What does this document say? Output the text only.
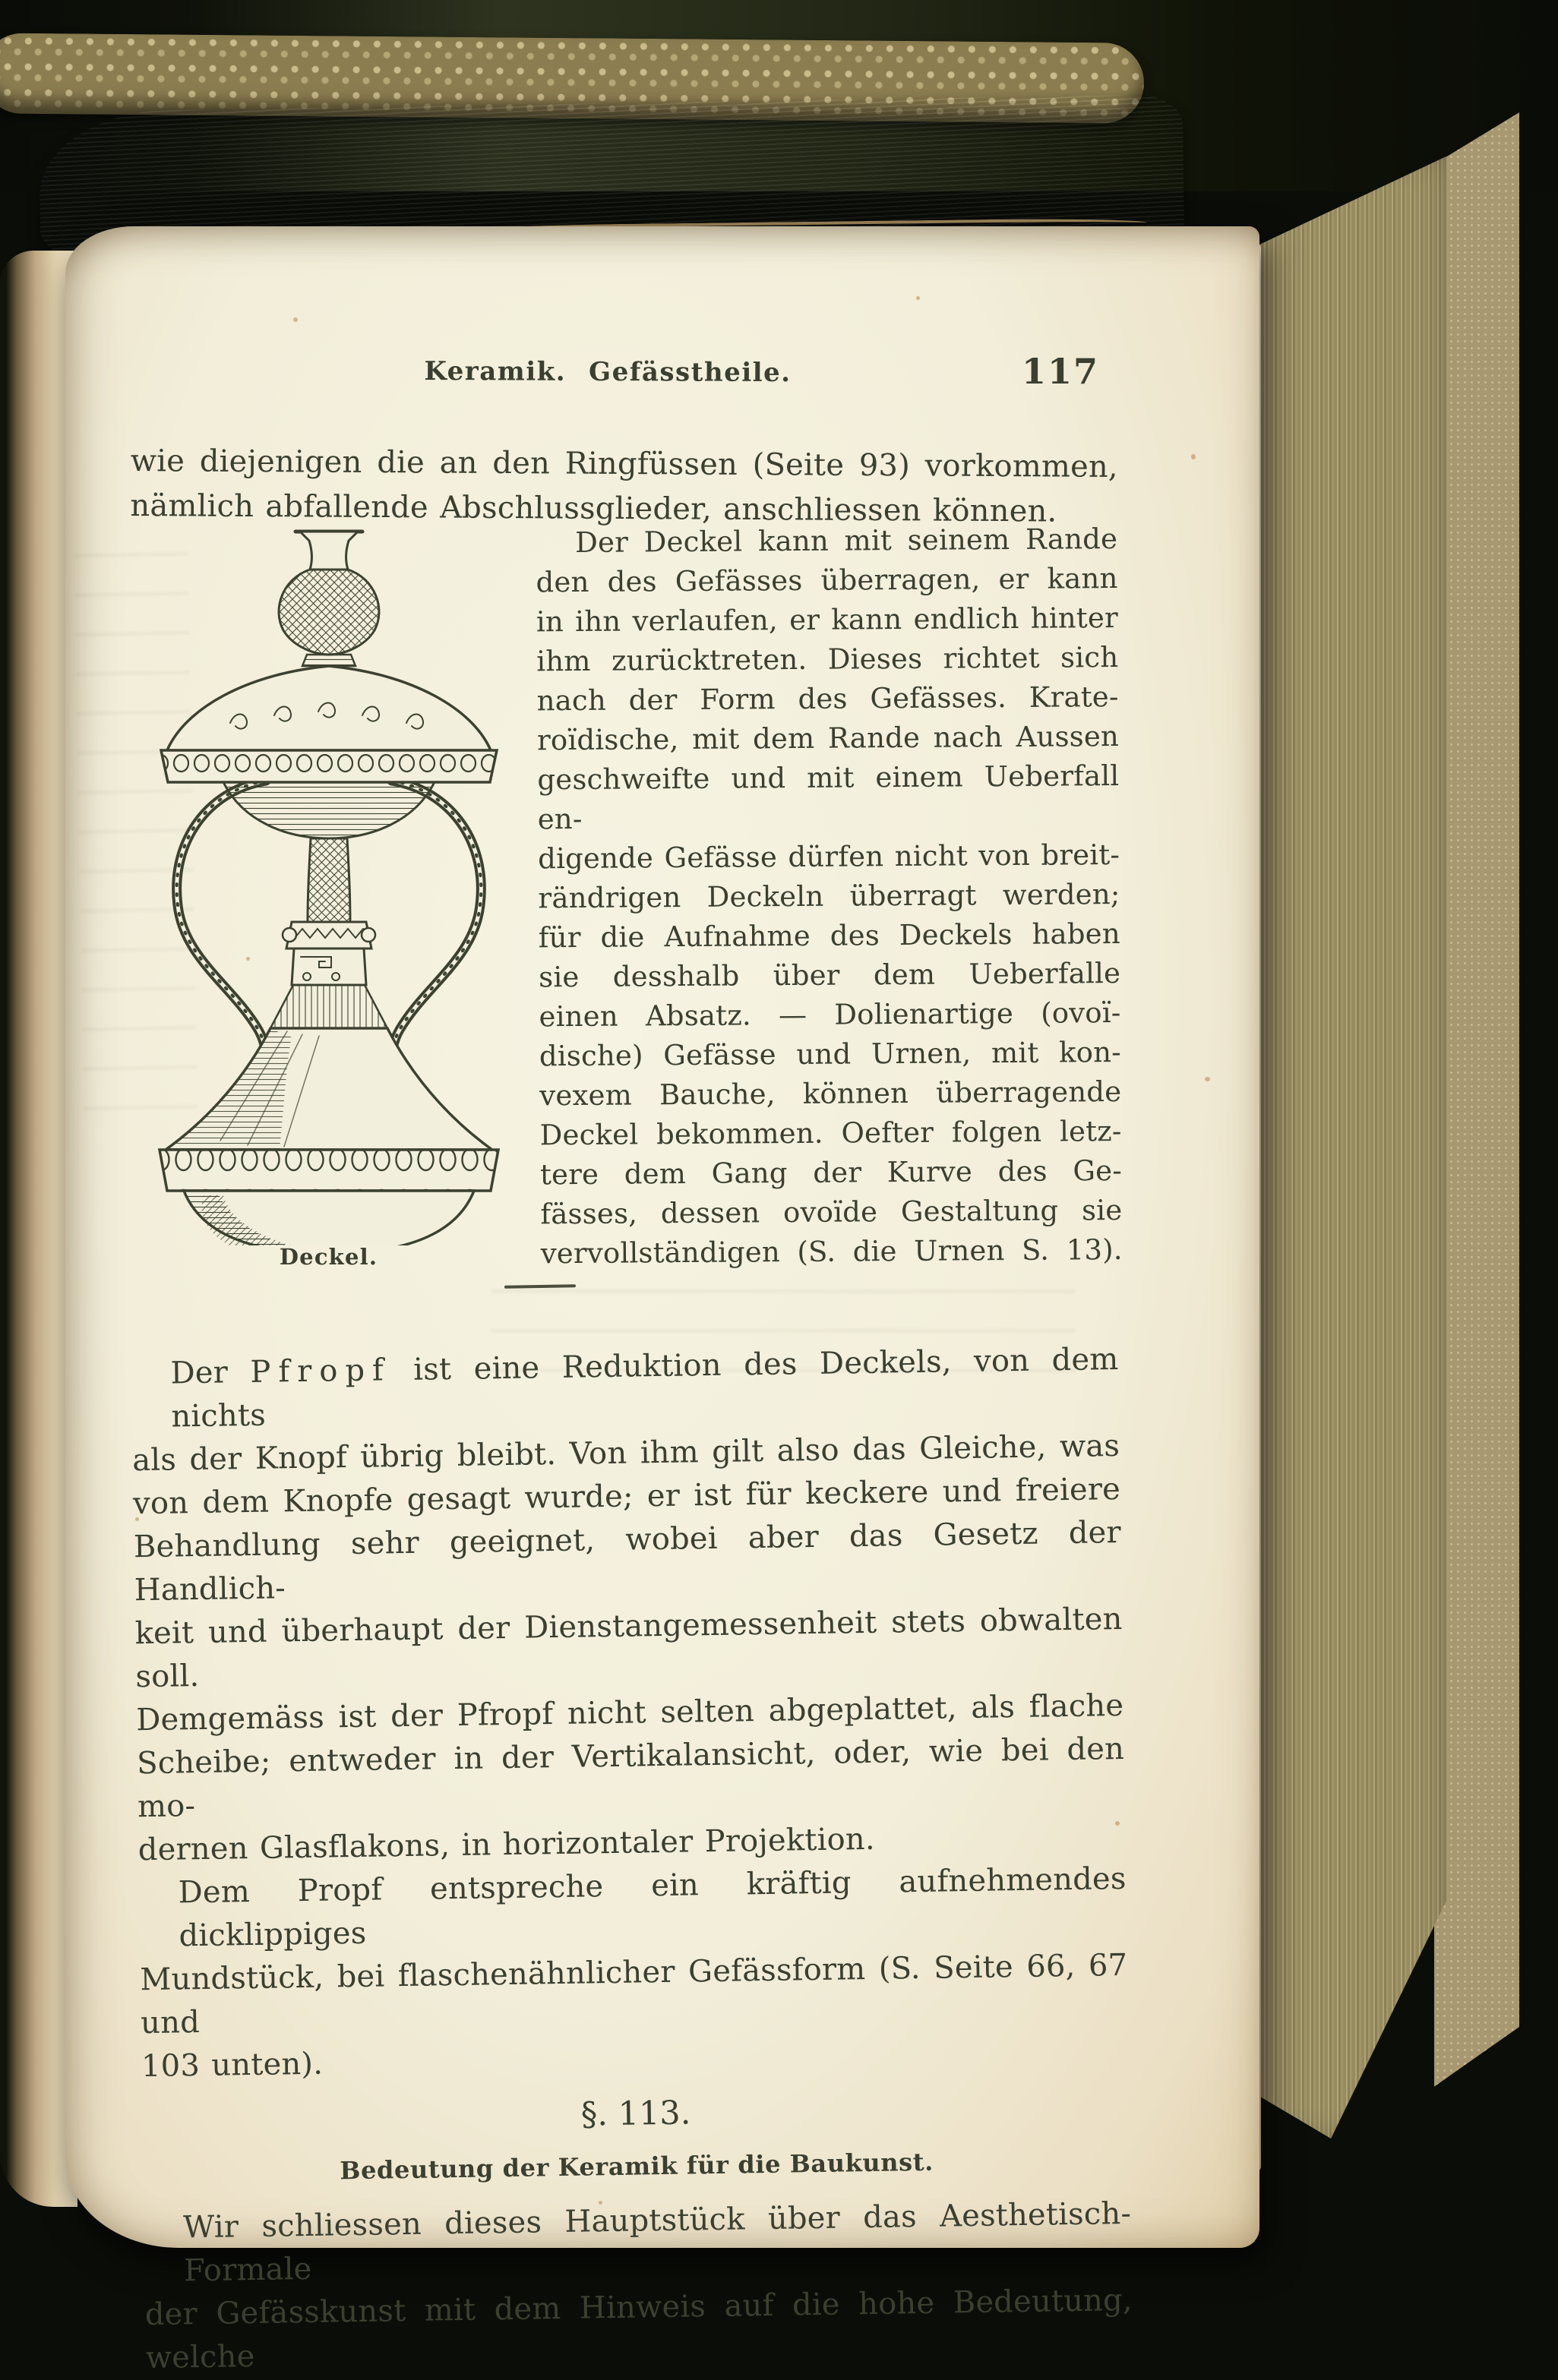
Keramik. Gefässtheile.	117
wie diejenigen die an den Ringfüssen (Seite 93) vorkommen,
nämlich abfallende Abschlussglieder, anschliessen können.
Deckel.
Der Deckel kann mit seinem Rande
den des Gefässes überragen, er kann
in ihn verlaufen, er kann endlich hinter
ihm zurücktreten. Dieses richtet sich
nach der Form des Gefässes. Krate-
roïdische, mit dem Rande nach Aussen
geschweifte und mit einem Ueberfall en-
digende Gefässe dürfen nicht von breit-
rändrigen Deckeln überragt werden;
für die Aufnahme des Deckels haben
sie desshalb über dem Ueberfalle
einen Absatz. — Dolienartige (ovoï-
dische) Gefässe und Urnen, mit kon-
vexem Bauche, können überragende
Deckel bekommen. Oefter folgen letz-
tere dem Gang der Kurve des Ge-
fässes, dessen ovoïde Gestaltung sie
vervollständigen (S. die Urnen S. 13).
Der Pfropf ist eine Reduktion des Deckels, von dem nichts
als der Knopf übrig bleibt. Von ihm gilt also das Gleiche, was
von dem Knopfe gesagt wurde; er ist für keckere und freiere
Behandlung sehr geeignet, wobei aber das Gesetz der Handlich-
keit und überhaupt der Dienstangemessenheit stets obwalten soll.
Demgemäss ist der Pfropf nicht selten abgeplattet, als flache
Scheibe; entweder in der Vertikalansicht, oder, wie bei den mo-
dernen Glasflakons, in horizontaler Projektion.
Dem Propf entspreche ein kräftig aufnehmendes dicklippiges
Mundstück, bei flaschenähnlicher Gefässform (S. Seite 66, 67 und
103 unten).
§. 113.
Bedeutung der Keramik für die Baukunst.
Wir schliessen dieses Hauptstück über das Aesthetisch-Formale
der Gefässkunst mit dem Hinweis auf die hohe Bedeutung, welche
